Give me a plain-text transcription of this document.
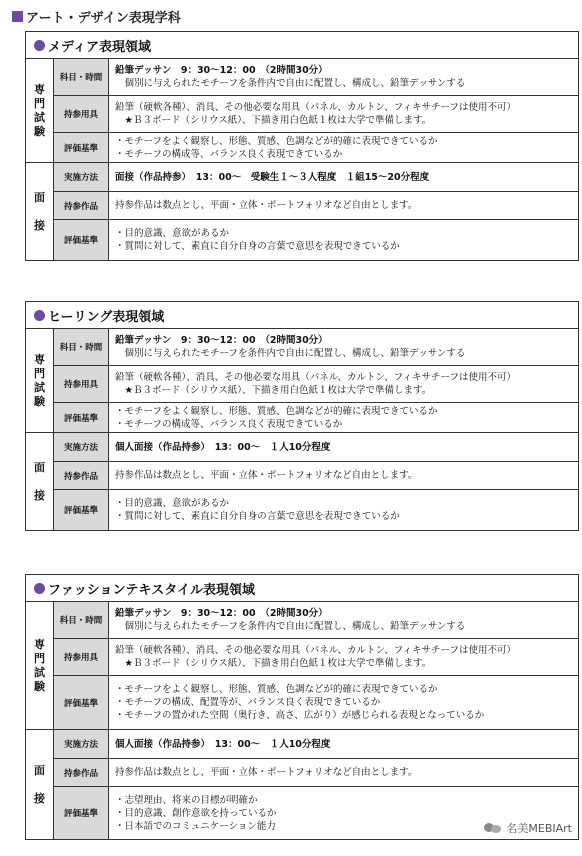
アート・デザイン表現学科
メディア表現領域
専
門
試
験
科目・時間
鉛筆デッサン　9：30〜12：00　（2時間30分）
　個別に与えられたモチーフを条件内で自由に配置し、構成し、鉛筆デッサンする
持参用具
鉛筆（硬軟各種）、消具、その他必要な用具（パネル、カルトン、フィキサチーフは使用不可）
　★Ｂ３ボード（シリウス紙）、下描き用白色紙１枚は大学で準備します。
評価基準
・モチーフをよく観察し、形態、質感、色調などが的確に表現できているか
・モチーフの構成等、バランス良く表現できているか
面
接
実施方法	面接（作品持参）　13：00〜　受験生１〜３人程度　１組15〜20分程度
持参作品	持参作品は数点とし、平面・立体・ポートフォリオなど自由とします。
評価基準
・目的意識、意欲があるか
・質問に対して、素直に自分自身の言葉で意思を表現できているか
ヒーリング表現領域
専
門
試
験
科目・時間
鉛筆デッサン　9：30〜12：00　（2時間30分）
　個別に与えられたモチーフを条件内で自由に配置し、構成し、鉛筆デッサンする
持参用具
鉛筆（硬軟各種）、消具、その他必要な用具（パネル、カルトン、フィキサチーフは使用不可）
　★Ｂ３ボード（シリウス紙）、下描き用白色紙１枚は大学で準備します。
評価基準
・モチーフをよく観察し、形態、質感、色調などが的確に表現できているか
・モチーフの構成等、バランス良く表現できているか
面
接
実施方法	個人面接（作品持参）　13：00〜　１人10分程度
持参作品	持参作品は数点とし、平面・立体・ポートフォリオなど自由とします。
評価基準
・目的意識、意欲があるか
・質問に対して、素直に自分自身の言葉で意思を表現できているか
ファッションテキスタイル表現領域
専
門
試
験
科目・時間
鉛筆デッサン　9：30〜12：00　（2時間30分）
　個別に与えられたモチーフを条件内で自由に配置し、構成し、鉛筆デッサンする
持参用具
鉛筆（硬軟各種）、消具、その他必要な用具（パネル、カルトン、フィキサチーフは使用不可）
　★Ｂ３ボード（シリウス紙）、下描き用白色紙１枚は大学で準備します。
評価基準
・モチーフをよく観察し、形態、質感、色調などが的確に表現できているか
・モチーフの構成、配置等が、バランス良く表現できているか
・モチーフの置かれた空間（奥行き、高さ、広がり）が感じられる表現となっているか
面
接
実施方法	個人面接（作品持参）　13：00〜　１人10分程度
持参作品	持参作品は数点とし、平面・立体・ポートフォリオなど自由とします。
評価基準
・志望理由、将来の目標が明確か
・目的意識、創作意欲を持っているか
・日本語でのコミュニケーション能力	名美MEBIArt
